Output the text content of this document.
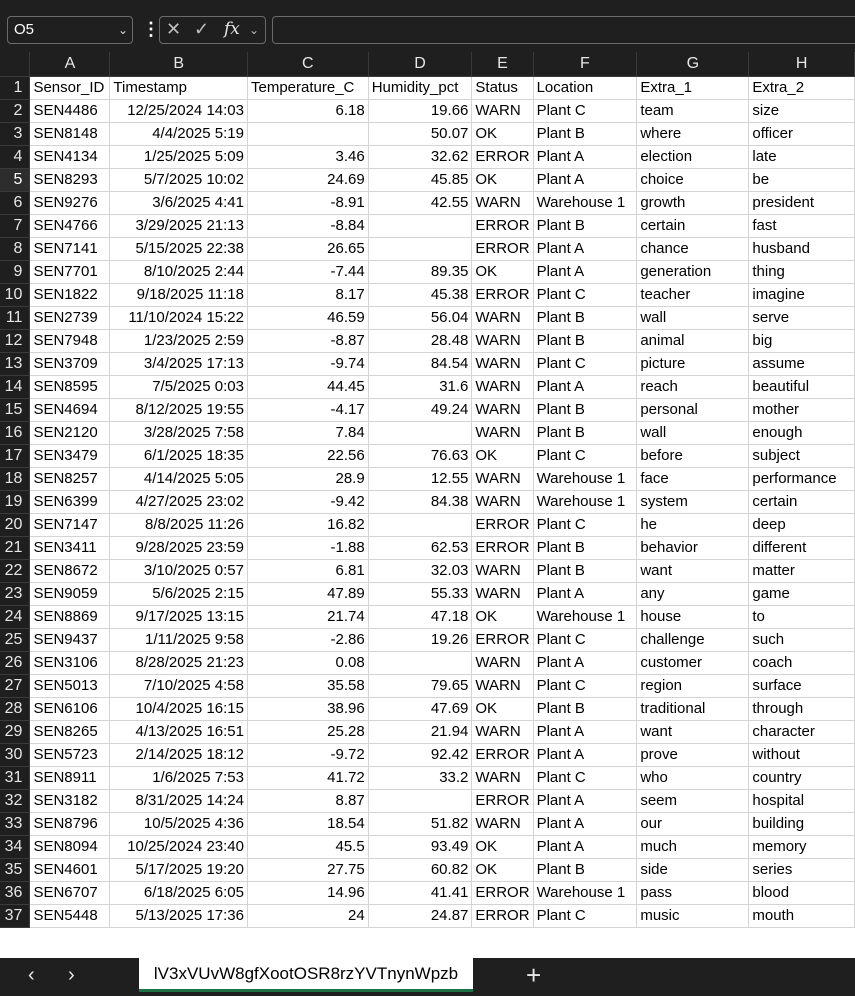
O5	⌄ ⋮ ✕ ✓ fx ⌄
	A	B	C	D	E	F	G	H
1	Sensor_ID	Timestamp	Temperature_C	Humidity_pct	Status	Location	Extra_1	Extra_2
2	SEN4486	12/25/2024 14:03	6.18	19.66	WARN	Plant C	team	size
3	SEN8148	4/4/2025 5:19		50.07	OK	Plant B	where	officer
4	SEN4134	1/25/2025 5:09	3.46	32.62	ERROR	Plant A	election	late
5	SEN8293	5/7/2025 10:02	24.69	45.85	OK	Plant A	choice	be
6	SEN9276	3/6/2025 4:41	-8.91	42.55	WARN	Warehouse 1	growth	president
7	SEN4766	3/29/2025 21:13	-8.84		ERROR	Plant B	certain	fast
8	SEN7141	5/15/2025 22:38	26.65		ERROR	Plant A	chance	husband
9	SEN7701	8/10/2025 2:44	-7.44	89.35	OK	Plant A	generation	thing
10	SEN1822	9/18/2025 11:18	8.17	45.38	ERROR	Plant C	teacher	imagine
11	SEN2739	11/10/2024 15:22	46.59	56.04	WARN	Plant B	wall	serve
12	SEN7948	1/23/2025 2:59	-8.87	28.48	WARN	Plant B	animal	big
13	SEN3709	3/4/2025 17:13	-9.74	84.54	WARN	Plant C	picture	assume
14	SEN8595	7/5/2025 0:03	44.45	31.6	WARN	Plant A	reach	beautiful
15	SEN4694	8/12/2025 19:55	-4.17	49.24	WARN	Plant B	personal	mother
16	SEN2120	3/28/2025 7:58	7.84		WARN	Plant B	wall	enough
17	SEN3479	6/1/2025 18:35	22.56	76.63	OK	Plant C	before	subject
18	SEN8257	4/14/2025 5:05	28.9	12.55	WARN	Warehouse 1	face	performance
19	SEN6399	4/27/2025 23:02	-9.42	84.38	WARN	Warehouse 1	system	certain
20	SEN7147	8/8/2025 11:26	16.82		ERROR	Plant C	he	deep
21	SEN3411	9/28/2025 23:59	-1.88	62.53	ERROR	Plant B	behavior	different
22	SEN8672	3/10/2025 0:57	6.81	32.03	WARN	Plant B	want	matter
23	SEN9059	5/6/2025 2:15	47.89	55.33	WARN	Plant A	any	game
24	SEN8869	9/17/2025 13:15	21.74	47.18	OK	Warehouse 1	house	to
25	SEN9437	1/11/2025 9:58	-2.86	19.26	ERROR	Plant C	challenge	such
26	SEN3106	8/28/2025 21:23	0.08		WARN	Plant A	customer	coach
27	SEN5013	7/10/2025 4:58	35.58	79.65	WARN	Plant C	region	surface
28	SEN6106	10/4/2025 16:15	38.96	47.69	OK	Plant B	traditional	through
29	SEN8265	4/13/2025 16:51	25.28	21.94	WARN	Plant A	want	character
30	SEN5723	2/14/2025 18:12	-9.72	92.42	ERROR	Plant A	prove	without
31	SEN8911	1/6/2025 7:53	41.72	33.2	WARN	Plant C	who	country
32	SEN3182	8/31/2025 14:24	8.87		ERROR	Plant A	seem	hospital
33	SEN8796	10/5/2025 4:36	18.54	51.82	WARN	Plant A	our	building
34	SEN8094	10/25/2024 23:40	45.5	93.49	OK	Plant A	much	memory
35	SEN4601	5/17/2025 19:20	27.75	60.82	OK	Plant B	side	series
36	SEN6707	6/18/2025 6:05	14.96	41.41	ERROR	Warehouse 1	pass	blood
37	SEN5448	5/13/2025 17:36	24	24.87	ERROR	Plant C	music	mouth
‹ ›	lV3xVUvW8gfXootOSR8rzYVTnynWpzb	+
